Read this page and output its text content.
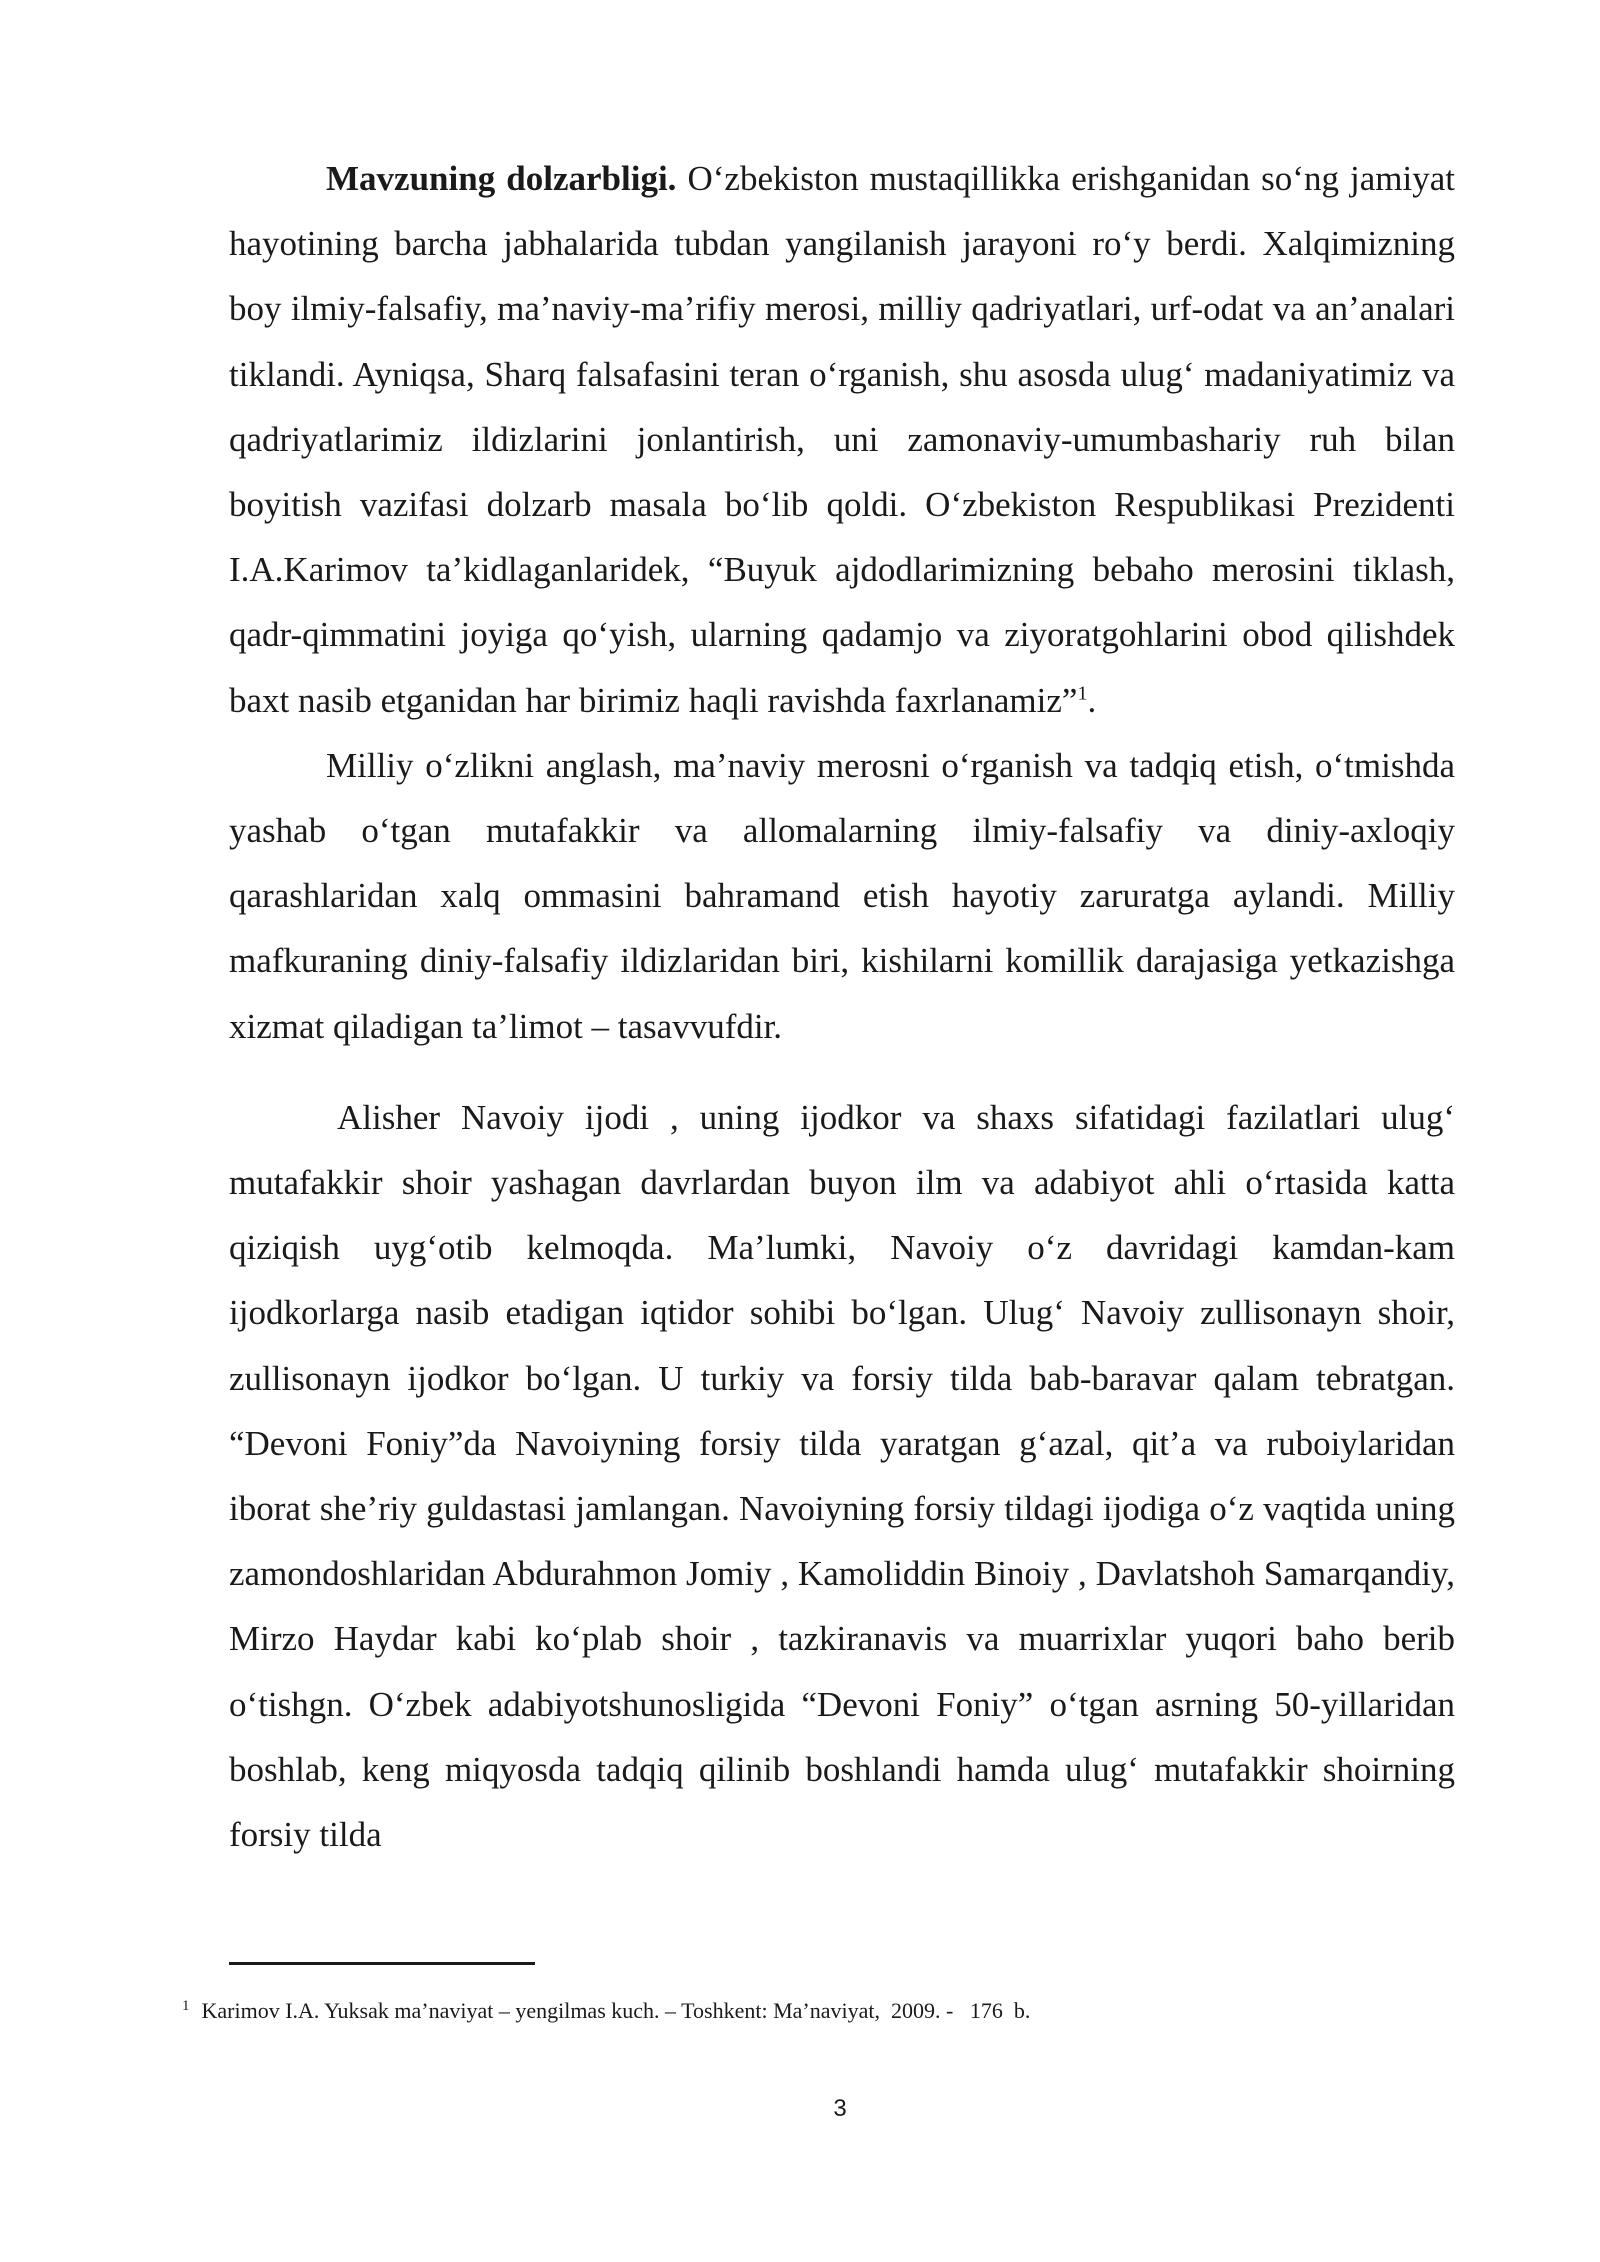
Mavzuning dolzarbligi. O‘zbekiston mustaqillikka erishganidan so‘ng jamiyat hayotining barcha jabhalarida tubdan yangilanish jarayoni ro‘y berdi. Xalqimizning boy ilmiy-falsafiy, ma’naviy-ma’rifiy merosi, milliy qadriyatlari, urf-odat va an’analari tiklandi. Ayniqsa, Sharq falsafasini teran o‘rganish, shu asosda ulug‘ madaniyatimiz va qadriyatlarimiz ildizlarini jonlantirish, uni zamonaviy-umumbashariy ruh bilan boyitish vazifasi dolzarb masala bo‘lib qoldi. O‘zbekiston Respublikasi Prezidenti I.A.Karimov ta’kidlaganlaridek, “Buyuk ajdodlarimizning bebaho merosini tiklash, qadr-qimmatini joyiga qo‘yish, ularning qadamjo va ziyoratgohlarini obod qilishdek baxt nasib etganidan har birimiz haqli ravishda faxrlanamiz”$^1$.

Milliy o‘zlikni anglash, ma’naviy merosni o‘rganish va tadqiq etish, o‘tmishda yashab o‘tgan mutafakkir va allomalarning ilmiy-falsafiy va diniy-axloqiy qarashlaridan xalq ommasini bahramand etish hayotiy zaruratga aylandi. Milliy mafkuraning diniy-falsafiy ildizlaridan biri, kishilarni komillik darajasiga yetkazishga xizmat qiladigan ta’limot – tasavvufdir.

Alisher Navoiy ijodi , uning ijodkor va shaxs sifatidagi fazilatlari ulug‘ mutafakkir shoir yashagan davrlardan buyon ilm va adabiyot ahli o‘rtasida katta qiziqish uyg‘otib kelmoqda. Ma’lumki, Navoiy o‘z davridagi kamdan-kam ijodkorlarga nasib etadigan iqtidor sohibi bo‘lgan. Ulug‘ Navoiy zullisonayn shoir, zullisonayn ijodkor bo‘lgan. U turkiy va forsiy tilda bab-baravar qalam tebratgan. “Devoni Foniy”da Navoiyning forsiy tilda yaratgan g‘azal, qit’a va ruboiylaridan iborat she’riy guldastasi jamlangan. Navoiyning forsiy tildagi ijodiga o‘z vaqtida uning zamondoshlaridan Abdurahmon Jomiy , Kamoliddin Binoiy , Davlatshoh Samarqandiy, Mirzo Haydar kabi ko‘plab shoir , tazkiranavis va muarrixlar yuqori baho berib o‘tishgn. O‘zbek adabiyotshunosligida “Devoni Foniy” o‘tgan asrning 50-yillaridan boshlab, keng miqyosda tadqiq qilinib boshlandi hamda ulug‘ mutafakkir shoirning forsiy tilda

$^1$ Karimov I.A. Yuksak ma’naviyat – yengilmas kuch. – Toshkent: Ma’naviyat,  2009. -   176  b.
3
